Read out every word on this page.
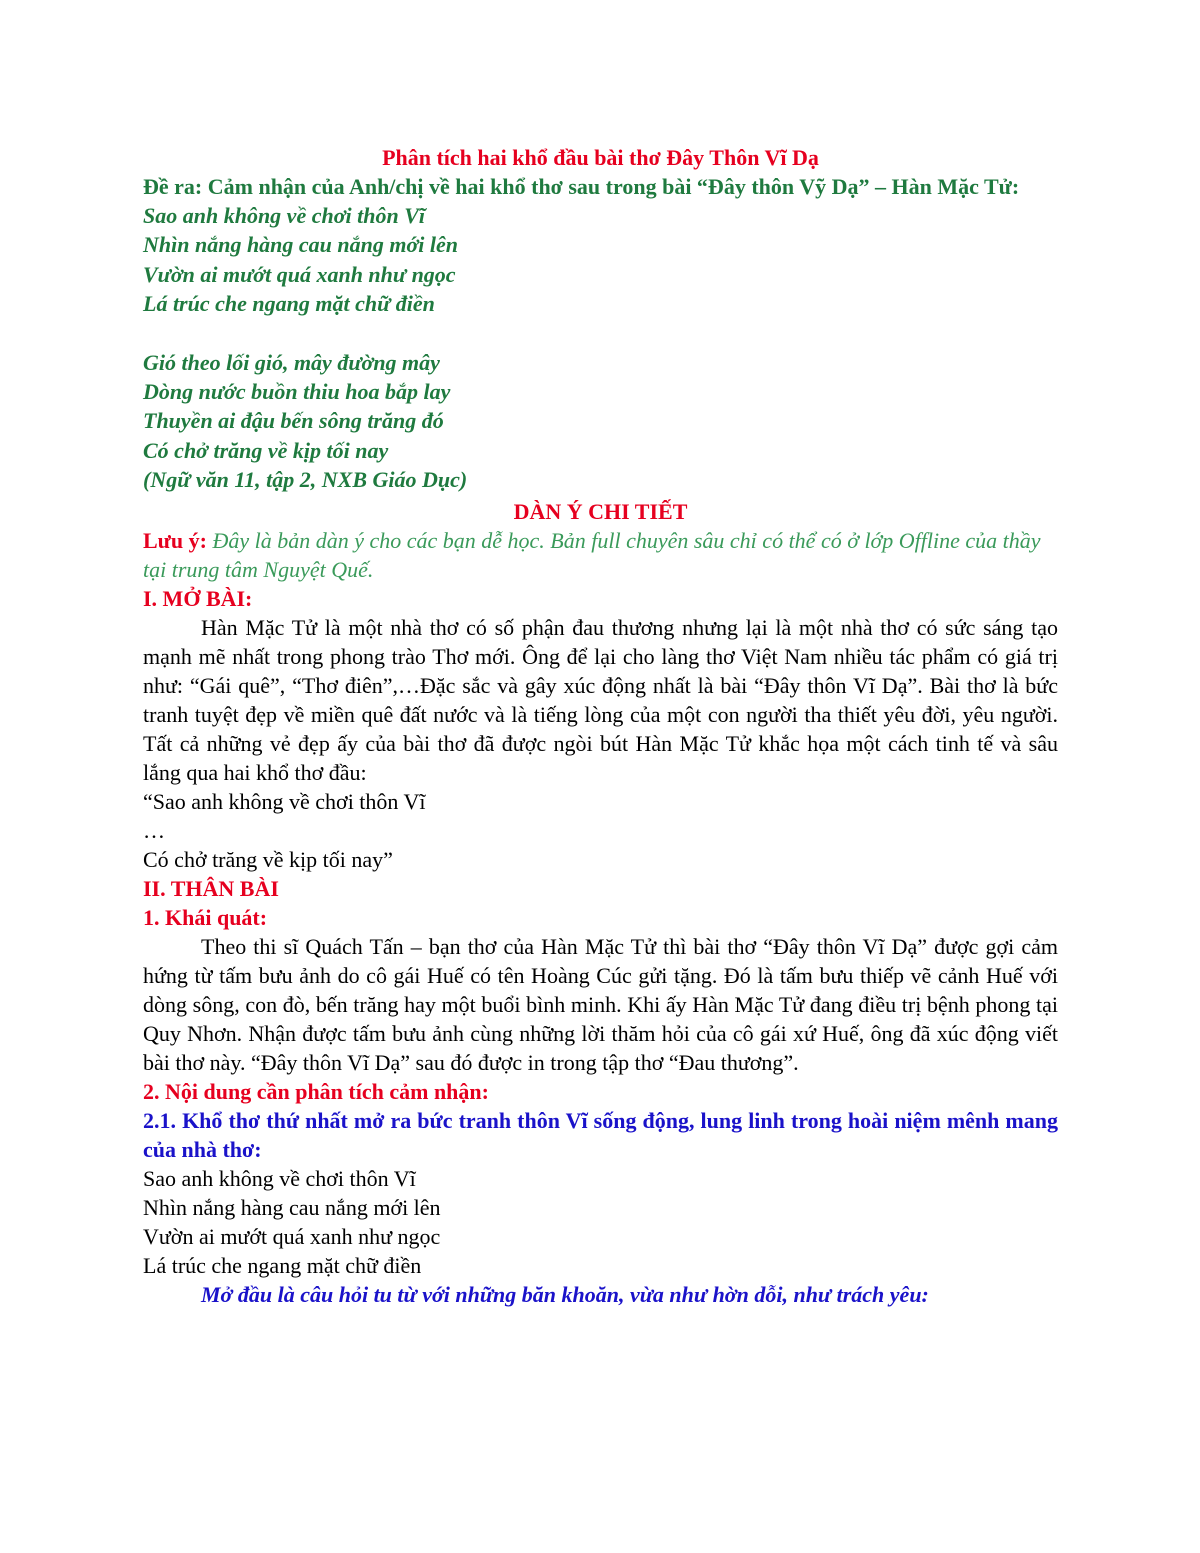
Phân tích hai khổ đầu bài thơ Đây Thôn Vĩ Dạ

Đề ra: Cảm nhận của Anh/chị về hai khổ thơ sau trong bài “Đây thôn Vỹ Dạ” – Hàn Mặc Tử:

Sao anh không về chơi thôn Vĩ
Nhìn nắng hàng cau nắng mới lên
Vườn ai mướt quá xanh như ngọc
Lá trúc che ngang mặt chữ điền
Gió theo lối gió, mây đường mây
Dòng nước buồn thiu hoa bắp lay
Thuyền ai đậu bến sông trăng đó
Có chở trăng về kịp tối nay
(Ngữ văn 11, tập 2, NXB Giáo Dục)

DÀN Ý CHI TIẾT

Lưu ý: Đây là bản dàn ý cho các bạn dễ học. Bản full chuyên sâu chỉ có thể có ở lớp Offline của thầy tại trung tâm Nguyệt Quế.

I. MỞ BÀI:

Hàn Mặc Tử là một nhà thơ có số phận đau thương nhưng lại là một nhà thơ có sức sáng tạo mạnh mẽ nhất trong phong trào Thơ mới. Ông để lại cho làng thơ Việt Nam nhiều tác phẩm có giá trị như: “Gái quê”, “Thơ điên”,…Đặc sắc và gây xúc động nhất là bài “Đây thôn Vĩ Dạ”. Bài thơ là bức tranh tuyệt đẹp về miền quê đất nước và là tiếng lòng của một con người tha thiết yêu đời, yêu người. Tất cả những vẻ đẹp ấy của bài thơ đã được ngòi bút Hàn Mặc Tử khắc họa một cách tinh tế và sâu lắng qua hai khổ thơ đầu:

“Sao anh không về chơi thôn Vĩ
…
Có chở trăng về kịp tối nay”

II. THÂN BÀI

1. Khái quát:

Theo thi sĩ Quách Tấn – bạn thơ của Hàn Mặc Tử thì bài thơ “Đây thôn Vĩ Dạ” được gợi cảm hứng từ tấm bưu ảnh do cô gái Huế có tên Hoàng Cúc gửi tặng. Đó là tấm bưu thiếp vẽ cảnh Huế với dòng sông, con đò, bến trăng hay một buổi bình minh. Khi ấy Hàn Mặc Tử đang điều trị bệnh phong tại Quy Nhơn. Nhận được tấm bưu ảnh cùng những lời thăm hỏi của cô gái xứ Huế, ông đã xúc động viết bài thơ này. “Đây thôn Vĩ Dạ” sau đó được in trong tập thơ “Đau thương”.

2. Nội dung cần phân tích cảm nhận:

2.1. Khổ thơ thứ nhất mở ra bức tranh thôn Vĩ sống động, lung linh trong hoài niệm mênh mang của nhà thơ:

Sao anh không về chơi thôn Vĩ
Nhìn nắng hàng cau nắng mới lên
Vườn ai mướt quá xanh như ngọc
Lá trúc che ngang mặt chữ điền

Mở đầu là câu hỏi tu từ với những băn khoăn, vừa như hờn dỗi, như trách yêu:
